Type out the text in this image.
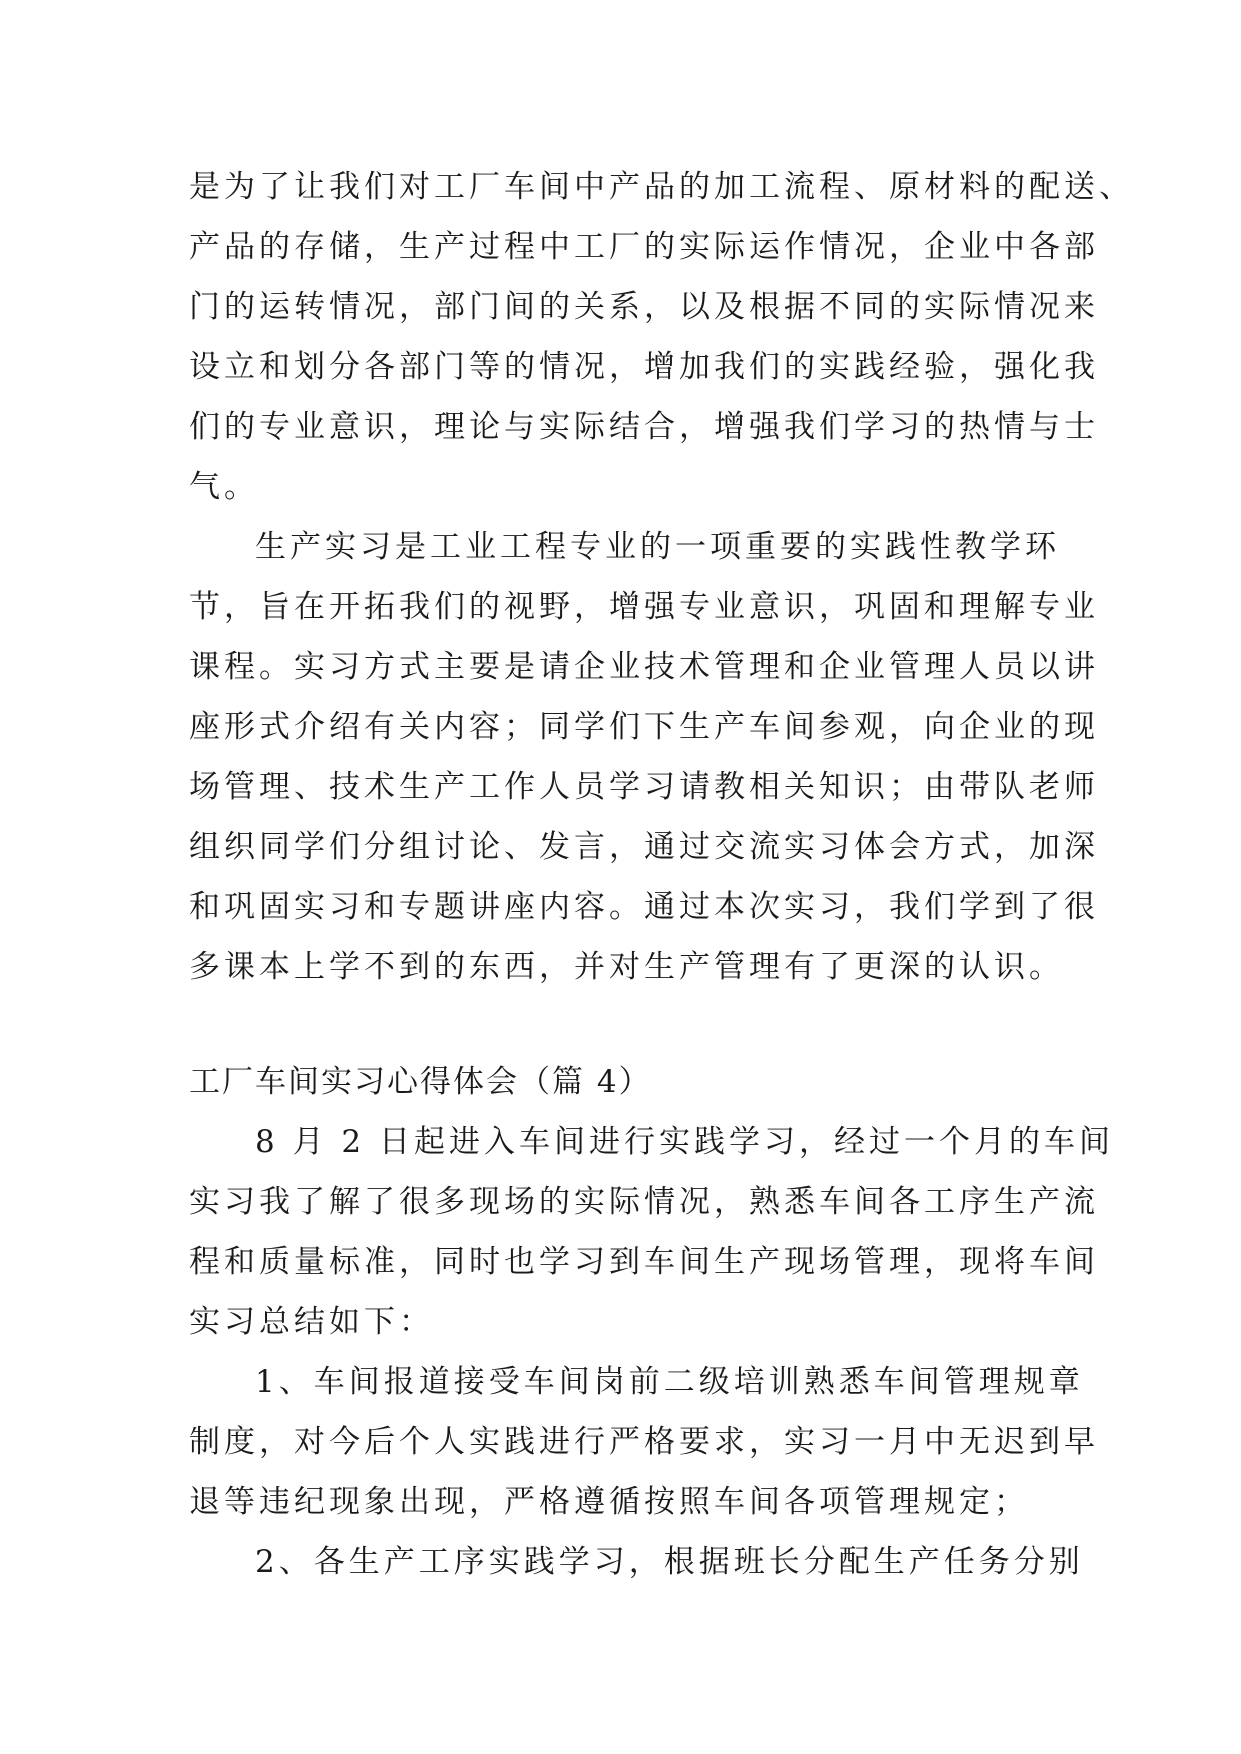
是为了让我们对工厂车间中产品的加工流程、原材料的配送、
产品的存储，生产过程中工厂的实际运作情况，企业中各部
门的运转情况，部门间的关系，以及根据不同的实际情况来
设立和划分各部门等的情况，增加我们的实践经验，强化我
们的专业意识，理论与实际结合，增强我们学习的热情与士
气。
生产实习是工业工程专业的一项重要的实践性教学环
节，旨在开拓我们的视野，增强专业意识，巩固和理解专业
课程。实习方式主要是请企业技术管理和企业管理人员以讲
座形式介绍有关内容；同学们下生产车间参观，向企业的现
场管理、技术生产工作人员学习请教相关知识；由带队老师
组织同学们分组讨论、发言，通过交流实习体会方式，加深
和巩固实习和专题讲座内容。通过本次实习，我们学到了很
多课本上学不到的东西，并对生产管理有了更深的认识。
工厂车间实习心得体会（篇 4）
8 月 2 日起进入车间进行实践学习，经过一个月的车间
实习我了解了很多现场的实际情况，熟悉车间各工序生产流
程和质量标准，同时也学习到车间生产现场管理，现将车间
实习总结如下：
1、车间报道接受车间岗前二级培训熟悉车间管理规章
制度，对今后个人实践进行严格要求，实习一月中无迟到早
退等违纪现象出现，严格遵循按照车间各项管理规定；
2、各生产工序实践学习，根据班长分配生产任务分别
